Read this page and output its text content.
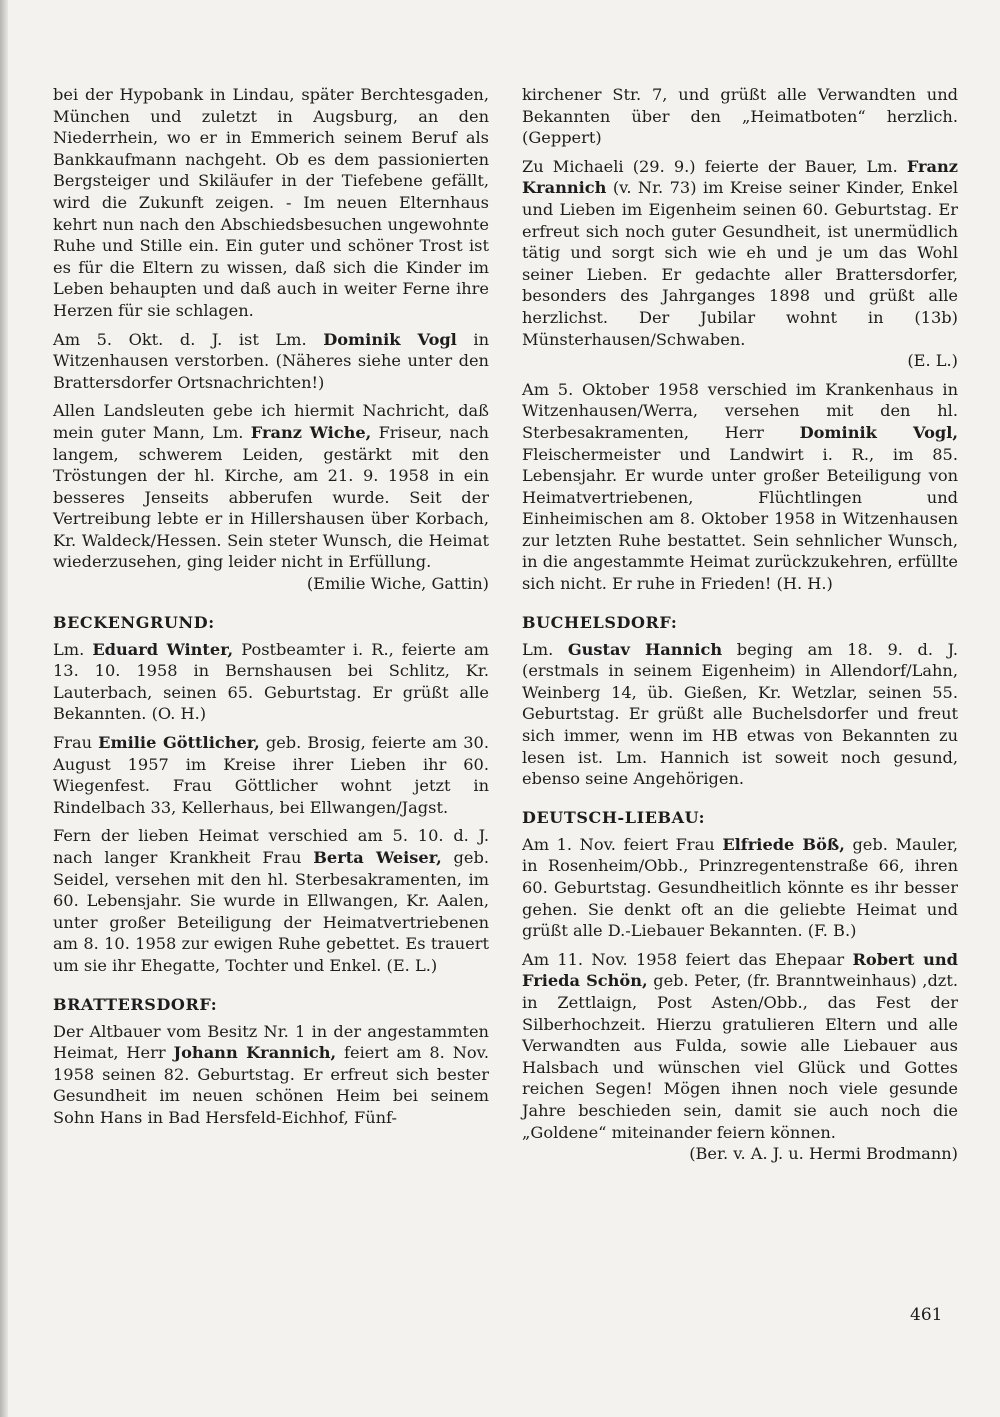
bei der Hypobank in Lindau, später Berchtesgaden, München und zuletzt in Augsburg, an den Niederrhein, wo er in Emmerich seinem Beruf als Bankkaufmann nachgeht. Ob es dem passionierten Bergsteiger und Skiläufer in der Tiefebene gefällt, wird die Zukunft zeigen. - Im neuen Elternhaus kehrt nun nach den Abschiedsbesuchen ungewohnte Ruhe und Stille ein. Ein guter und schöner Trost ist es für die Eltern zu wissen, daß sich die Kinder im Leben behaupten und daß auch in weiter Ferne ihre Herzen für sie schlagen.

Am 5. Okt. d. J. ist Lm. Dominik Vogl in Witzenhausen verstorben. (Näheres siehe unter den Brattersdorfer Ortsnachrichten!)

Allen Landsleuten gebe ich hiermit Nachricht, daß mein guter Mann, Lm. Franz Wiche, Friseur, nach langem, schwerem Leiden, gestärkt mit den Tröstungen der hl. Kirche, am 21. 9. 1958 in ein besseres Jenseits abberufen wurde. Seit der Vertreibung lebte er in Hillershausen über Korbach, Kr. Waldeck/Hessen. Sein steter Wunsch, die Heimat wiederzusehen, ging leider nicht in Erfüllung.
(Emilie Wiche, Gattin)

BECKENGRUND:

Lm. Eduard Winter, Postbeamter i. R., feierte am 13. 10. 1958 in Bernshausen bei Schlitz, Kr. Lauterbach, seinen 65. Geburtstag. Er grüßt alle Bekannten. (O. H.)

Frau Emilie Göttlicher, geb. Brosig, feierte am 30. August 1957 im Kreise ihrer Lieben ihr 60. Wiegenfest. Frau Göttlicher wohnt jetzt in Rindelbach 33, Kellerhaus, bei Ellwangen/Jagst.

Fern der lieben Heimat verschied am 5. 10. d. J. nach langer Krankheit Frau Berta Weiser, geb. Seidel, versehen mit den hl. Sterbesakramenten, im 60. Lebensjahr. Sie wurde in Ellwangen, Kr. Aalen, unter großer Beteiligung der Heimatvertriebenen am 8. 10. 1958 zur ewigen Ruhe gebettet. Es trauert um sie ihr Ehegatte, Tochter und Enkel. (E. L.)

BRATTERSDORF:

Der Altbauer vom Besitz Nr. 1 in der angestammten Heimat, Herr Johann Krannich, feiert am 8. Nov. 1958 seinen 82. Geburtstag. Er erfreut sich bester Gesundheit im neuen schönen Heim bei seinem Sohn Hans in Bad Hersfeld-Eichhof, Fünf-

kirchener Str. 7, und grüßt alle Verwandten und Bekannten über den „Heimatboten“ herzlich. (Geppert)

Zu Michaeli (29. 9.) feierte der Bauer, Lm. Franz Krannich (v. Nr. 73) im Kreise seiner Kinder, Enkel und Lieben im Eigenheim seinen 60. Geburtstag. Er erfreut sich noch guter Gesundheit, ist unermüdlich tätig und sorgt sich wie eh und je um das Wohl seiner Lieben. Er gedachte aller Brattersdorfer, besonders des Jahrganges 1898 und grüßt alle herzlichst. Der Jubilar wohnt in (13b) Münsterhausen/Schwaben.
(E. L.)

Am 5. Oktober 1958 verschied im Krankenhaus in Witzenhausen/Werra, versehen mit den hl. Sterbesakramenten, Herr Dominik Vogl, Fleischermeister und Landwirt i. R., im 85. Lebensjahr. Er wurde unter großer Beteiligung von Heimatvertriebenen, Flüchtlingen und Einheimischen am 8. Oktober 1958 in Witzenhausen zur letzten Ruhe bestattet. Sein sehnlicher Wunsch, in die angestammte Heimat zurückzukehren, erfüllte sich nicht. Er ruhe in Frieden! (H. H.)

BUCHELSDORF:

Lm. Gustav Hannich beging am 18. 9. d. J. (erstmals in seinem Eigenheim) in Allendorf/Lahn, Weinberg 14, üb. Gießen, Kr. Wetzlar, seinen 55. Geburtstag. Er grüßt alle Buchelsdorfer und freut sich immer, wenn im HB etwas von Bekannten zu lesen ist. Lm. Hannich ist soweit noch gesund, ebenso seine Angehörigen.

DEUTSCH-LIEBAU:

Am 1. Nov. feiert Frau Elfriede Böß, geb. Mauler, in Rosenheim/Obb., Prinzregentenstraße 66, ihren 60. Geburtstag. Gesundheitlich könnte es ihr besser gehen. Sie denkt oft an die geliebte Heimat und grüßt alle D.-Liebauer Bekannten. (F. B.)

Am 11. Nov. 1958 feiert das Ehepaar Robert und Frieda Schön, geb. Peter, (fr. Branntweinhaus) ,dzt. in Zettlaign, Post Asten/Obb., das Fest der Silberhochzeit. Hierzu gratulieren Eltern und alle Verwandten aus Fulda, sowie alle Liebauer aus Halsbach und wünschen viel Glück und Gottes reichen Segen! Mögen ihnen noch viele gesunde Jahre beschieden sein, damit sie auch noch die „Goldene“ miteinander feiern können.
(Ber. v. A. J. u. Hermi Brodmann)

461
